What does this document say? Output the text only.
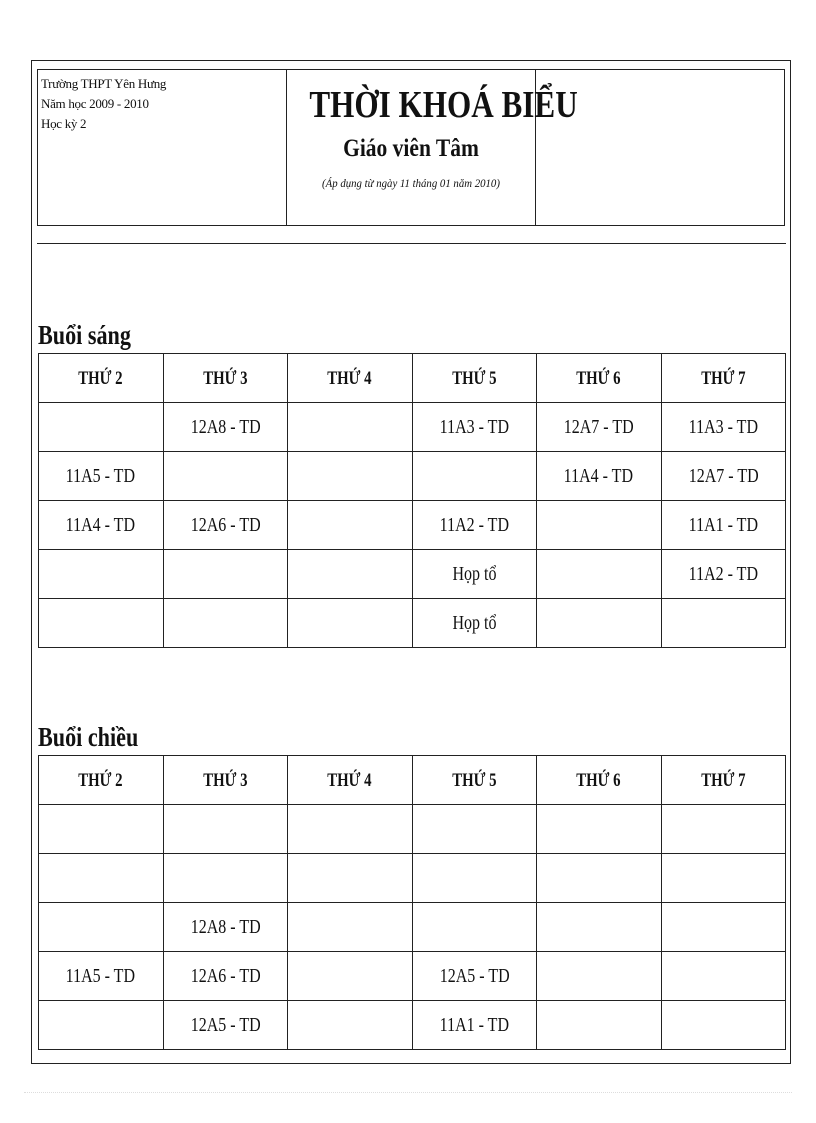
Trường THPT Yên Hưng
Năm học 2009 - 2010
Học kỳ 2	THỜI KHOÁ BIỂU
Giáo viên Tâm
(Áp dụng từ ngày 11 tháng 01 năm 2010)
Buổi sáng
THỨ 2	THỨ 3	THỨ 4	THỨ 5	THỨ 6	THỨ 7
	12A8 - TD		11A3 - TD	12A7 - TD	11A3 - TD
11A5 - TD				11A4 - TD	12A7 - TD
11A4 - TD	12A6 - TD		11A2 - TD		11A1 - TD
			Họp tổ		11A2 - TD
			Họp tổ		
Buổi chiều
THỨ 2	THỨ 3	THỨ 4	THỨ 5	THỨ 6	THỨ 7

	12A8 - TD				
11A5 - TD	12A6 - TD		12A5 - TD		
	12A5 - TD		11A1 - TD		
